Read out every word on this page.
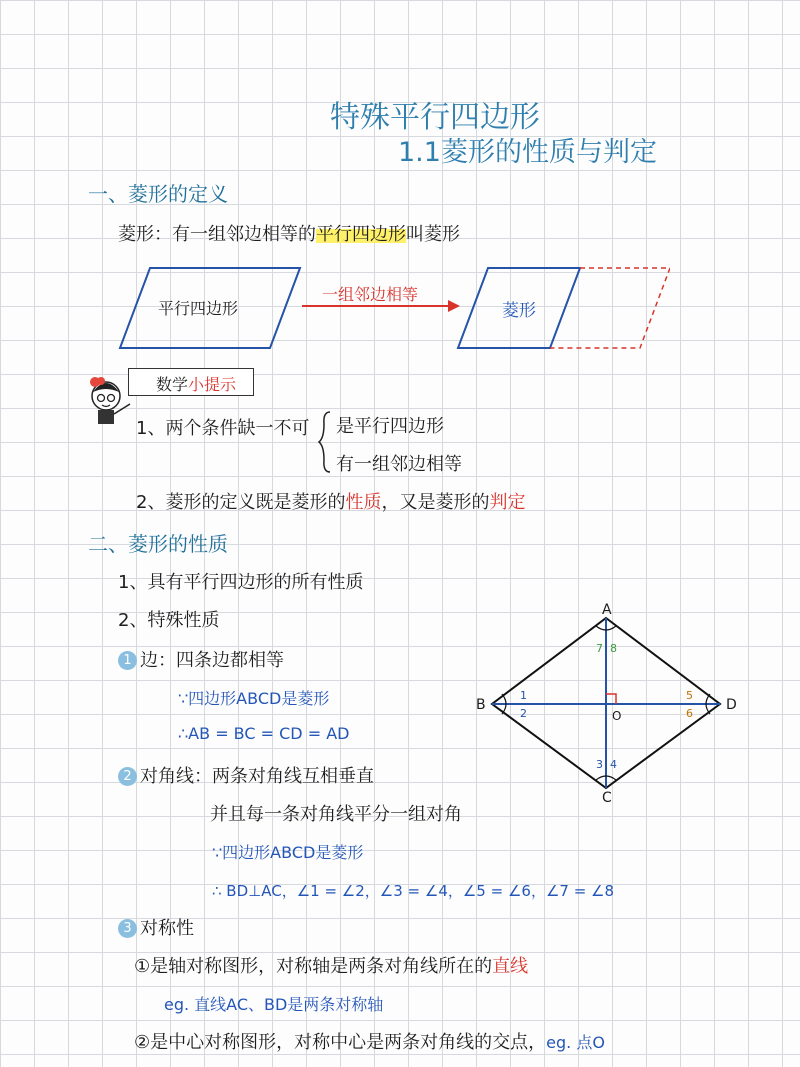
特殊平行四边形
1.1菱形的性质与判定
一、菱形的定义
菱形：有一组邻边相等的平行四边形叫菱形
平行四边形
一组邻边相等
菱形
数学小提示
1、两个条件缺一不可 是平行四边形
有一组邻边相等
2、菱形的定义既是菱形的性质，又是菱形的判定
二、菱形的性质
1、具有平行四边形的所有性质
2、特殊性质
1 边：四条边都相等
∵四边形ABCD是菱形
∴AB = BC = CD = AD
2 对角线：两条对角线互相垂直
并且每一条对角线平分一组对角
∵四边形ABCD是菱形
∴ BD⊥AC，∠1 = ∠2，∠3 = ∠4，∠5 = ∠6，∠7 = ∠8
3 对称性
①是轴对称图形，对称轴是两条对角线所在的直线
eg. 直线AC、BD是两条对称轴
②是中心对称图形，对称中心是两条对角线的交点，eg. 点O
A
B
C
D
O
1
2
3 4
5
6
7 8
